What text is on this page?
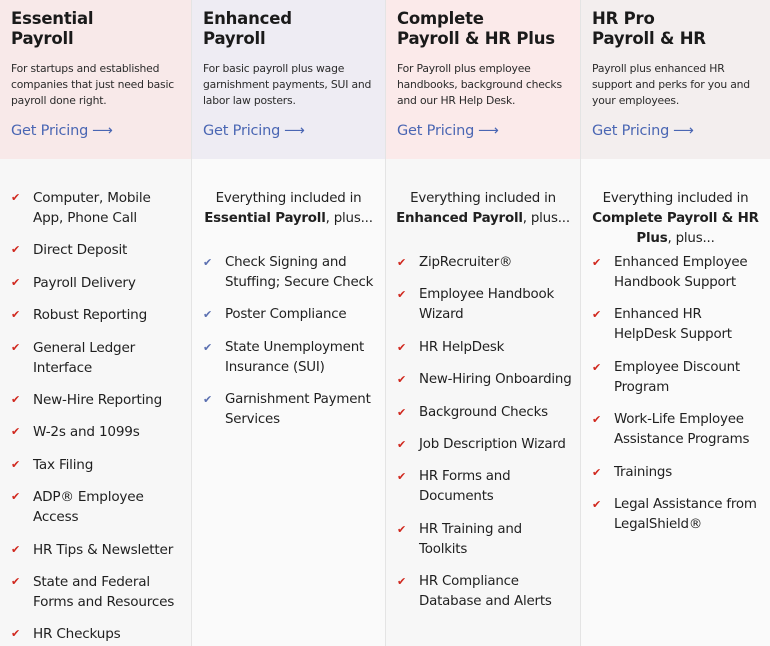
Essential
Payroll

For startups and established companies that just need basic payroll done right.

Get Pricing ⟶
✔ Computer, Mobile App, Phone Call
✔ Direct Deposit
✔ Payroll Delivery
✔ Robust Reporting
✔ General Ledger Interface
✔ New-Hire Reporting
✔ W-2s and 1099s
✔ Tax Filing
✔ ADP® Employee Access
✔ HR Tips & Newsletter
✔ State and Federal Forms and Resources
✔ HR Checkups
Enhanced
Payroll

For basic payroll plus wage garnishment payments, SUI and labor law posters.

Get Pricing ⟶
Everything included in
Essential Payroll, plus...
✔ Check Signing and Stuffing; Secure Check
✔ Poster Compliance
✔ State Unemployment Insurance (SUI)
✔ Garnishment Payment Services
Complete
Payroll & HR Plus

For Payroll plus employee handbooks, background checks and our HR Help Desk.

Get Pricing ⟶
Everything included in
Enhanced Payroll, plus...
✔ ZipRecruiter®
✔ Employee Handbook Wizard
✔ HR HelpDesk
✔ New-Hiring Onboarding
✔ Background Checks
✔ Job Description Wizard
✔ HR Forms and Documents
✔ HR Training and Toolkits
✔ HR Compliance Database and Alerts
HR Pro
Payroll & HR

Payroll plus enhanced HR support and perks for you and your employees.

Get Pricing ⟶
Everything included in
Complete Payroll & HR Plus, plus...
✔ Enhanced Employee Handbook Support
✔ Enhanced HR HelpDesk Support
✔ Employee Discount Program
✔ Work-Life Employee Assistance Programs
✔ Trainings
✔ Legal Assistance from LegalShield®
